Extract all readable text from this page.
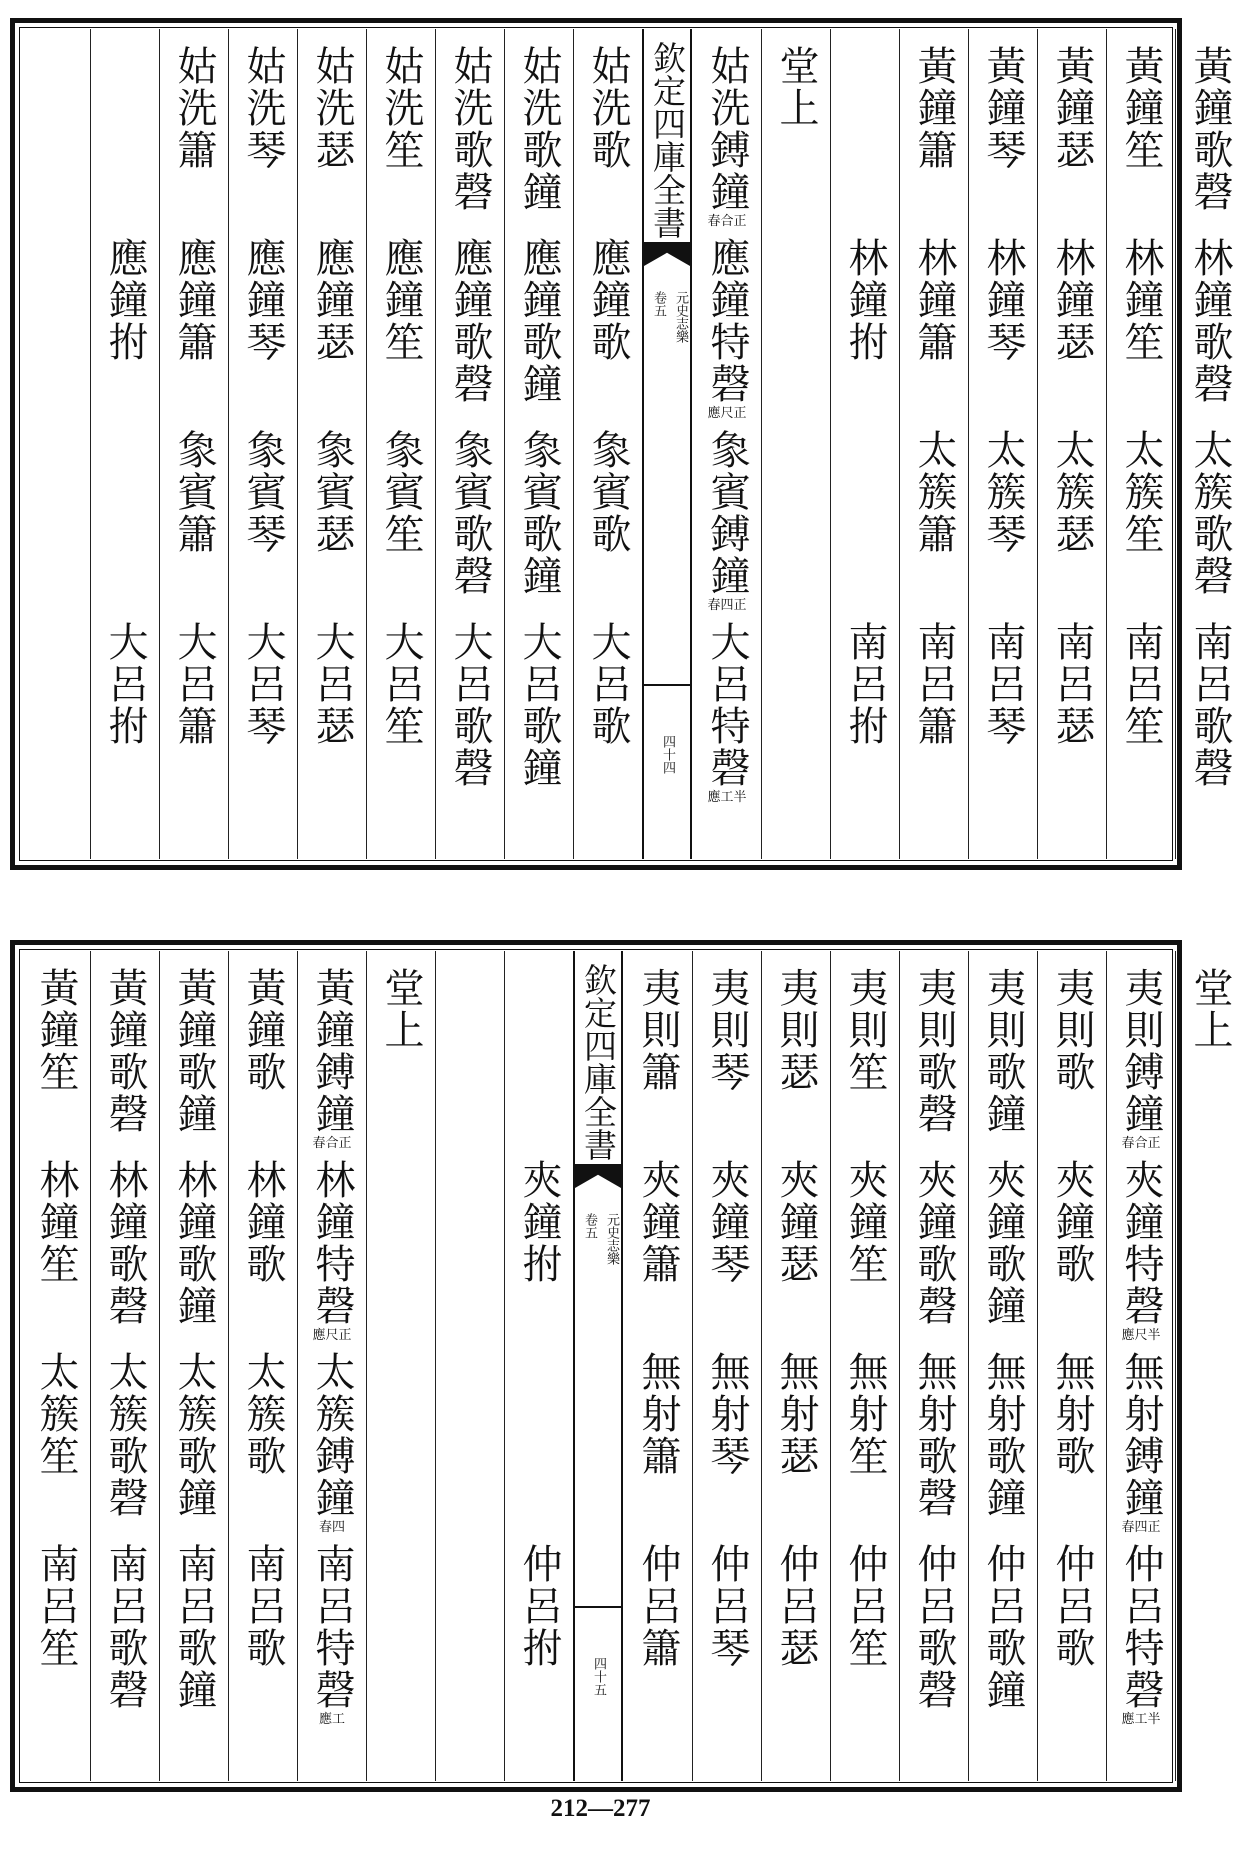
應鐘拊
大呂拊
姑洗簫
應鐘簫
𧰼賓簫
大呂簫
姑洗琴
應鐘琴
𧰼賓琴
大呂琴
姑洗瑟
應鐘瑟
𧰼賓瑟
大呂瑟
姑洗笙
應鐘笙
𧰼賓笙
大呂笙
姑洗歌磬
應鐘歌磬
𧰼賓歌磬
大呂歌磬
姑洗歌鐘
應鐘歌鐘
𧰼賓歌鐘
大呂歌鐘
姑洗歌
應鐘歌
𧰼賓歌
大呂歌
欽定四庫全書
元史志樂
卷五
四十四
姑洗鎛鐘春合正
應鐘特磬應尺正
𧰼賓鎛鐘春四正
大呂特磬應工半
堂上
林鐘拊
南呂拊
黃鐘簫
林鐘簫
太簇簫
南呂簫
黃鐘琴
林鐘琴
太簇琴
南呂琴
黃鐘瑟
林鐘瑟
太簇瑟
南呂瑟
黃鐘笙
林鐘笙
太簇笙
南呂笙
黃鐘歌磬
林鐘歌磬
太簇歌磬
南呂歌磬
黃鐘笙
林鐘笙
太簇笙
南呂笙
黃鐘歌磬
林鐘歌磬
太簇歌磬
南呂歌磬
黃鐘歌鐘
林鐘歌鐘
太簇歌鐘
南呂歌鐘
黃鐘歌
林鐘歌
太簇歌
南呂歌
黃鐘鎛鐘春合正
林鐘特磬應尺正
太簇鎛鐘春四
南呂特磬應工
堂上
夾鐘拊
仲呂拊
欽定四庫全書
元史志樂
卷五
四十五
夷則簫
夾鐘簫
無射簫
仲呂簫
夷則琴
夾鐘琴
無射琴
仲呂琴
夷則瑟
夾鐘瑟
無射瑟
仲呂瑟
夷則笙
夾鐘笙
無射笙
仲呂笙
夷則歌磬
夾鐘歌磬
無射歌磬
仲呂歌磬
夷則歌鐘
夾鐘歌鐘
無射歌鐘
仲呂歌鐘
夷則歌
夾鐘歌
無射歌
仲呂歌
夷則鎛鐘春合正
夾鐘特磬應尺半
無射鎛鐘春四正
仲呂特磬應工半
堂上
212—277
